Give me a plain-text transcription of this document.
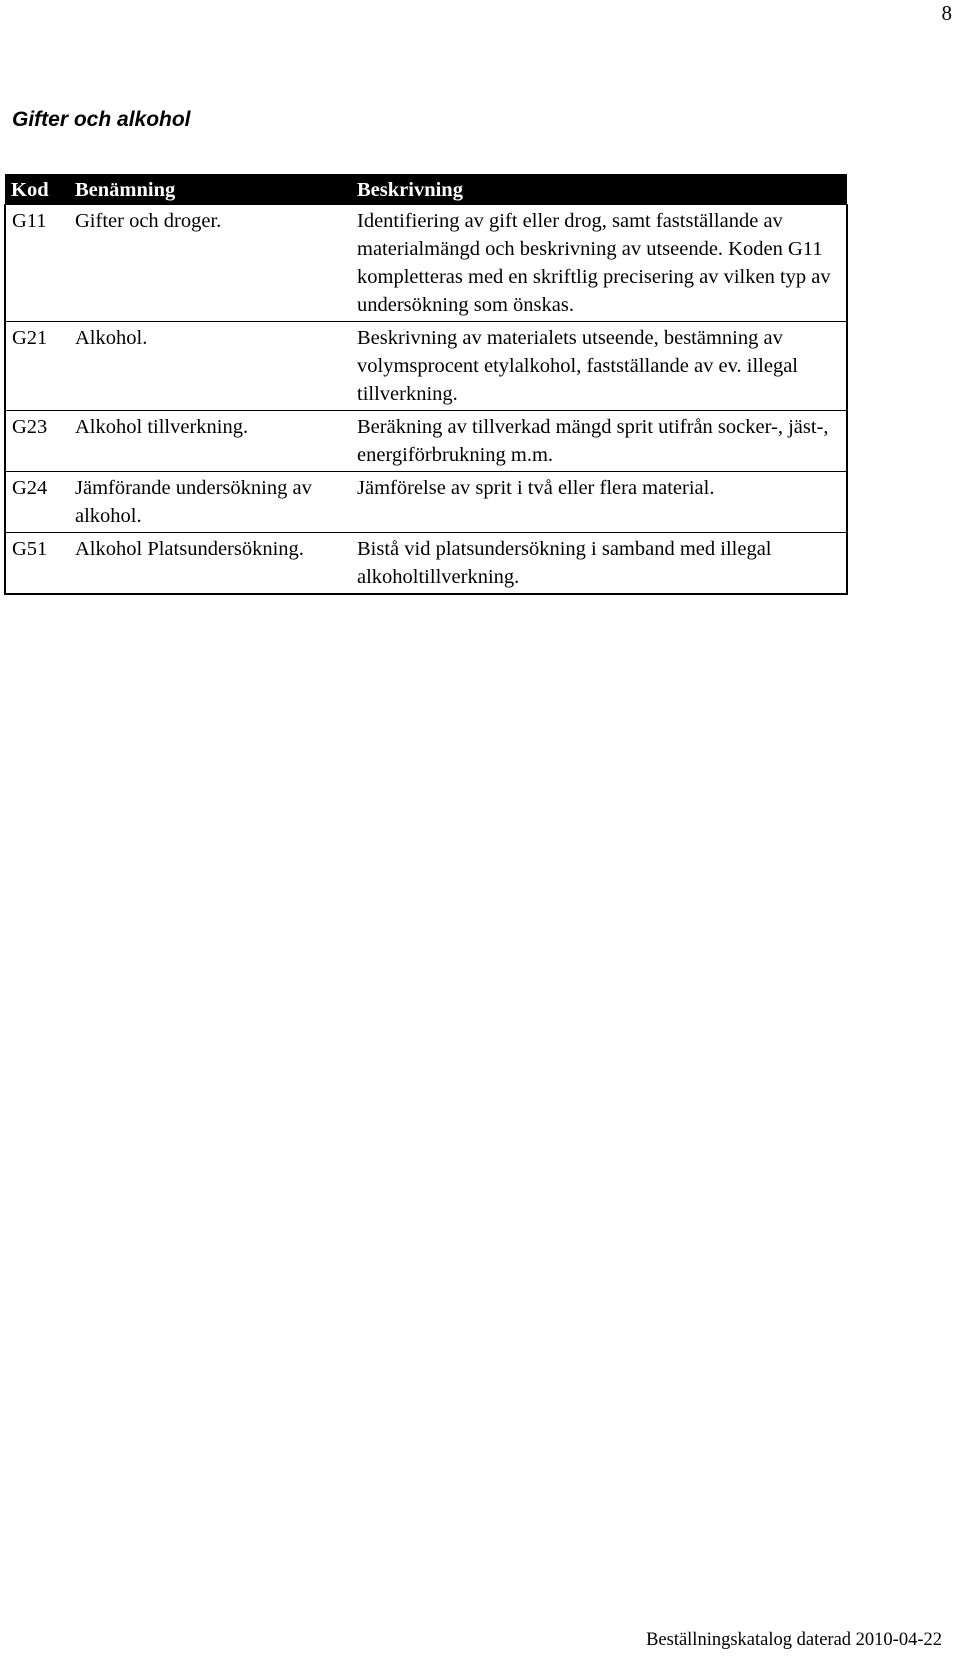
8
Gifter och alkohol
Kod	Benämning	Beskrivning
G11	Gifter och droger.	Identifiering av gift eller drog, samt fastställande av materialmängd och beskrivning av utseende. Koden G11 kompletteras med en skriftlig precisering av vilken typ av undersökning som önskas.
G21	Alkohol.	Beskrivning av materialets utseende, bestämning av volymsprocent etylalkohol, fastställande av ev. illegal tillverkning.
G23	Alkohol tillverkning.	Beräkning av tillverkad mängd sprit utifrån socker-, jäst-, energiförbrukning m.m.
G24	Jämförande undersökning av alkohol.	Jämförelse av sprit i två eller flera material.
G51	Alkohol Platsundersökning.	Bistå vid platsundersökning i samband med illegal alkoholtillverkning.
Beställningskatalog daterad 2010-04-22
